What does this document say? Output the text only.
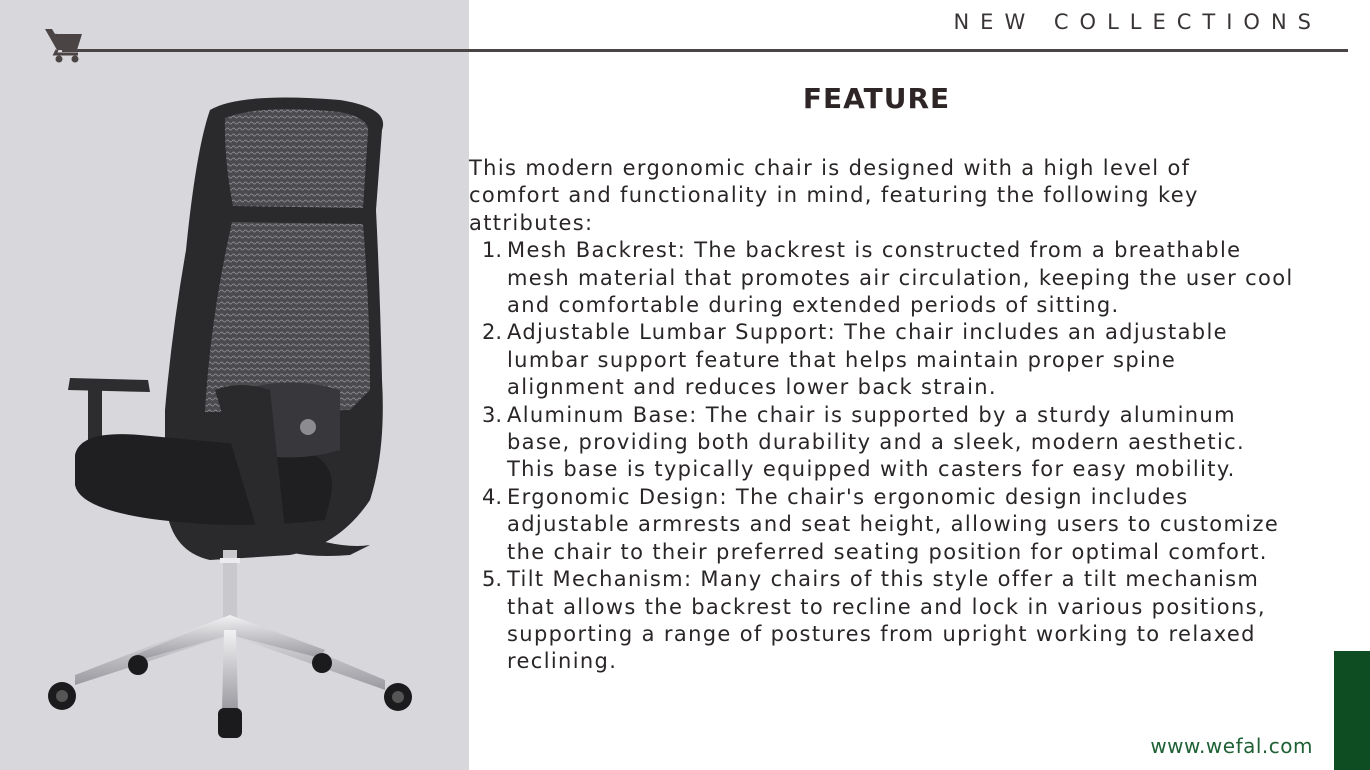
NEW COLLECTIONS
FEATURE

This modern ergonomic chair is designed with a high level of
comfort and functionality in mind, featuring the following key
attributes:

1. Mesh Backrest: The backrest is constructed from a breathable
mesh material that promotes air circulation, keeping the user cool
and comfortable during extended periods of sitting.
2. Adjustable Lumbar Support: The chair includes an adjustable
lumbar support feature that helps maintain proper spine
alignment and reduces lower back strain.
3. Aluminum Base: The chair is supported by a sturdy aluminum
base, providing both durability and a sleek, modern aesthetic.
This base is typically equipped with casters for easy mobility.
4. Ergonomic Design: The chair's ergonomic design includes
adjustable armrests and seat height, allowing users to customize
the chair to their preferred seating position for optimal comfort.
5. Tilt Mechanism: Many chairs of this style offer a tilt mechanism
that allows the backrest to recline and lock in various positions,
supporting a range of postures from upright working to relaxed
reclining.
www.wefal.com
